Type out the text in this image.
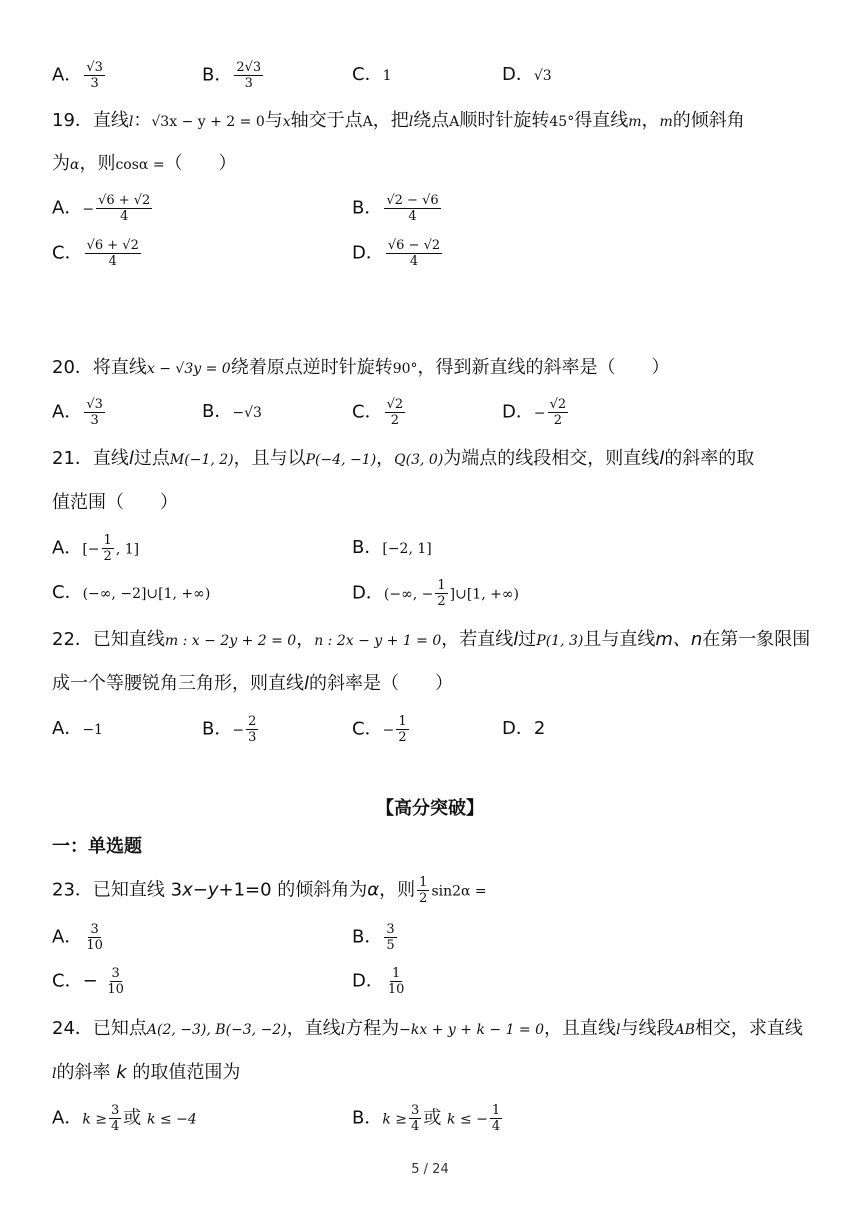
A． $\frac{√3}{3}$	B． $\frac{2√3}{3}$	C．1	D．√3
19．直线l：√3x − y + 2 = 0与x轴交于点A，把l绕点A顺时针旋转45°得直线m，m的倾斜角
为α，则cosα =（　　）
A．− $\frac{√6 + √2}{4}$	B． $\frac{√2 - √6}{4}$
C． $\frac{√6 + √2}{4}$	D． $\frac{√6 - √2}{4}$
20．将直线x − √3y = 0绕着原点逆时针旋转90°，得到新直线的斜率是（　　）
A． $\frac{√3}{3}$	B．−√3	C． $\frac{√2}{2}$	D．− $\frac{√2}{2}$
21．直线l过点M(−1, 2)，且与以P(−4, −1)，Q(3, 0)为端点的线段相交，则直线l的斜率的取
值范围（　　）
A．[− $\frac{1}{2}$ , 1]	B．[−2, 1]
C．(−∞, −2]∪[1, +∞)	D．(−∞, − $\frac{1}{2}$ ]∪[1, +∞)
22．已知直线m : x − 2y + 2 = 0，n : 2x − y + 1 = 0，若直线l过P(1, 3)且与直线m、n在第一象限围
成一个等腰锐角三角形，则直线l的斜率是（　　）
A．−1	B．− $\frac{2}{3}$	C．− $\frac{1}{2}$	D．2
【高分突破】
一：单选题
23．已知直线 3x−y+1=0 的倾斜角为α，则 $\frac{1}{2} \sin 2\alpha$ =
A． $\frac{3}{10}$	B． $\frac{3}{5}$
C．− $\frac{3}{10}$	D． $\frac{1}{10}$
24．已知点A(2, −3), B(−3, −2)，直线l方程为−kx + y + k − 1 = 0，且直线l与线段AB相交，求直线
l的斜率 k 的取值范围为
A．$k \ge \frac{3}{4}$ 或 k ≤ −4	B．$k \ge \frac{3}{4}$ 或 k ≤ − $\frac{1}{4}$
5 / 24
